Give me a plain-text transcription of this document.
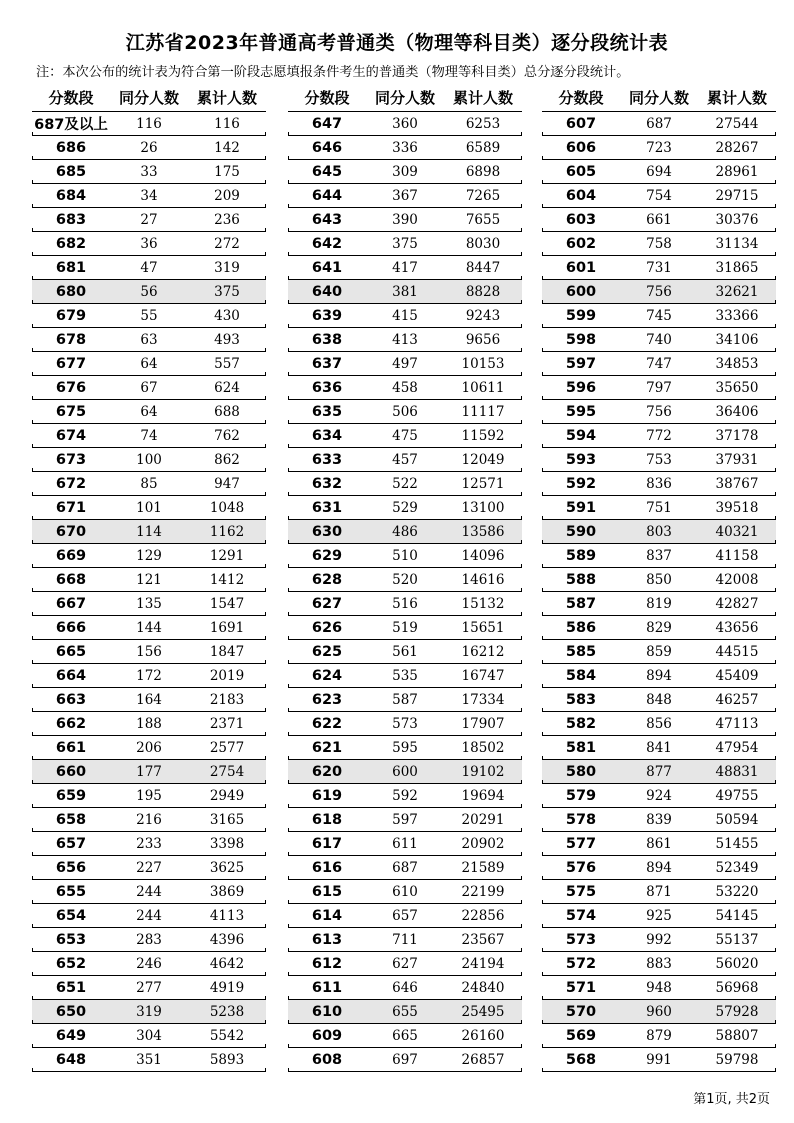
江苏省2023年普通高考普通类（物理等科目类）逐分段统计表
注：本次公布的统计表为符合第一阶段志愿填报条件考生的普通类（物理等科目类）总分逐分段统计。
分数段	同分人数	累计人数
687及以上	116	116
686	26	142
685	33	175
684	34	209
683	27	236
682	36	272
681	47	319
680	56	375
679	55	430
678	63	493
677	64	557
676	67	624
675	64	688
674	74	762
673	100	862
672	85	947
671	101	1048
670	114	1162
669	129	1291
668	121	1412
667	135	1547
666	144	1691
665	156	1847
664	172	2019
663	164	2183
662	188	2371
661	206	2577
660	177	2754
659	195	2949
658	216	3165
657	233	3398
656	227	3625
655	244	3869
654	244	4113
653	283	4396
652	246	4642
651	277	4919
650	319	5238
649	304	5542
648	351	5893
分数段	同分人数	累计人数
647	360	6253
646	336	6589
645	309	6898
644	367	7265
643	390	7655
642	375	8030
641	417	8447
640	381	8828
639	415	9243
638	413	9656
637	497	10153
636	458	10611
635	506	11117
634	475	11592
633	457	12049
632	522	12571
631	529	13100
630	486	13586
629	510	14096
628	520	14616
627	516	15132
626	519	15651
625	561	16212
624	535	16747
623	587	17334
622	573	17907
621	595	18502
620	600	19102
619	592	19694
618	597	20291
617	611	20902
616	687	21589
615	610	22199
614	657	22856
613	711	23567
612	627	24194
611	646	24840
610	655	25495
609	665	26160
608	697	26857
分数段	同分人数	累计人数
607	687	27544
606	723	28267
605	694	28961
604	754	29715
603	661	30376
602	758	31134
601	731	31865
600	756	32621
599	745	33366
598	740	34106
597	747	34853
596	797	35650
595	756	36406
594	772	37178
593	753	37931
592	836	38767
591	751	39518
590	803	40321
589	837	41158
588	850	42008
587	819	42827
586	829	43656
585	859	44515
584	894	45409
583	848	46257
582	856	47113
581	841	47954
580	877	48831
579	924	49755
578	839	50594
577	861	51455
576	894	52349
575	871	53220
574	925	54145
573	992	55137
572	883	56020
571	948	56968
570	960	57928
569	879	58807
568	991	59798
第1页, 共2页
